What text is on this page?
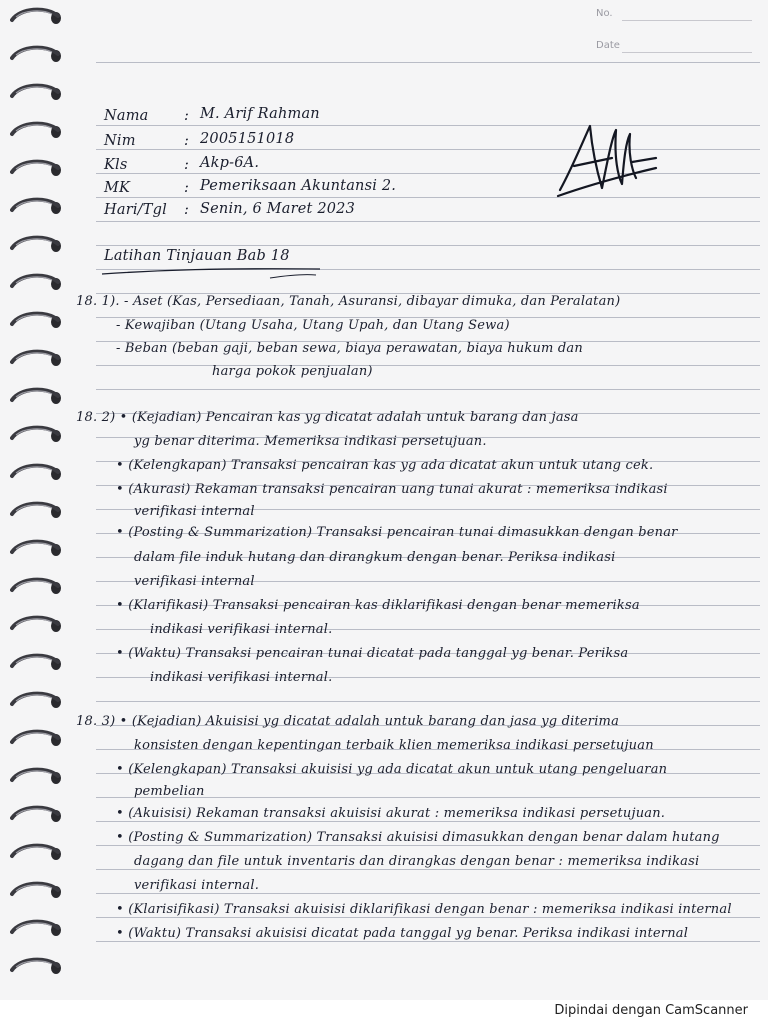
No.
Date
Nama : M. Arif Rahman
Nim	: 2005151018
Kls	: Akp-6A.
MK	: Pemeriksaan Akuntansi 2.
Hari/Tgl : Senin, 6 Maret 2023
Latihan Tinjauan Bab 18
18. 1). - Aset (Kas, Persediaan, Tanah, Asuransi, dibayar dimuka, dan Peralatan)
- Kewajiban (Utang Usaha, Utang Upah, dan Utang Sewa)
- Beban (beban gaji, beban sewa, biaya perawatan, biaya hukum dan
harga pokok penjualan)
18. 2) • (Kejadian) Pencairan kas yg dicatat adalah untuk barang dan jasa
yg benar diterima. Memeriksa indikasi persetujuan.
• (Kelengkapan) Transaksi pencairan kas yg ada dicatat akun untuk utang cek.
• (Akurasi) Rekaman transaksi pencairan uang tunai akurat : memeriksa indikasi
verifikasi internal
• (Posting & Summarization) Transaksi pencairan tunai dimasukkan dengan benar
dalam file induk hutang dan dirangkum dengan benar. Periksa indikasi
verifikasi internal
• (Klarifikasi) Transaksi pencairan kas diklarifikasi dengan benar memeriksa
indikasi verifikasi internal.
• (Waktu) Transaksi pencairan tunai dicatat pada tanggal yg benar. Periksa
indikasi verifikasi internal.
18. 3) • (Kejadian) Akuisisi yg dicatat adalah untuk barang dan jasa yg diterima
konsisten dengan kepentingan terbaik klien memeriksa indikasi persetujuan
• (Kelengkapan) Transaksi akuisisi yg ada dicatat akun untuk utang pengeluaran
pembelian
• (Akuisisi) Rekaman transaksi akuisisi akurat : memeriksa indikasi persetujuan.
• (Posting & Summarization) Transaksi akuisisi dimasukkan dengan benar dalam hutang
dagang dan file untuk inventaris dan dirangkas dengan benar : memeriksa indikasi
verifikasi internal.
• (Klarisifikasi) Transaksi akuisisi diklarifikasi dengan benar : memeriksa indikasi internal
• (Waktu) Transaksi akuisisi dicatat pada tanggal yg benar. Periksa indikasi internal
Dipindai dengan CamScanner
